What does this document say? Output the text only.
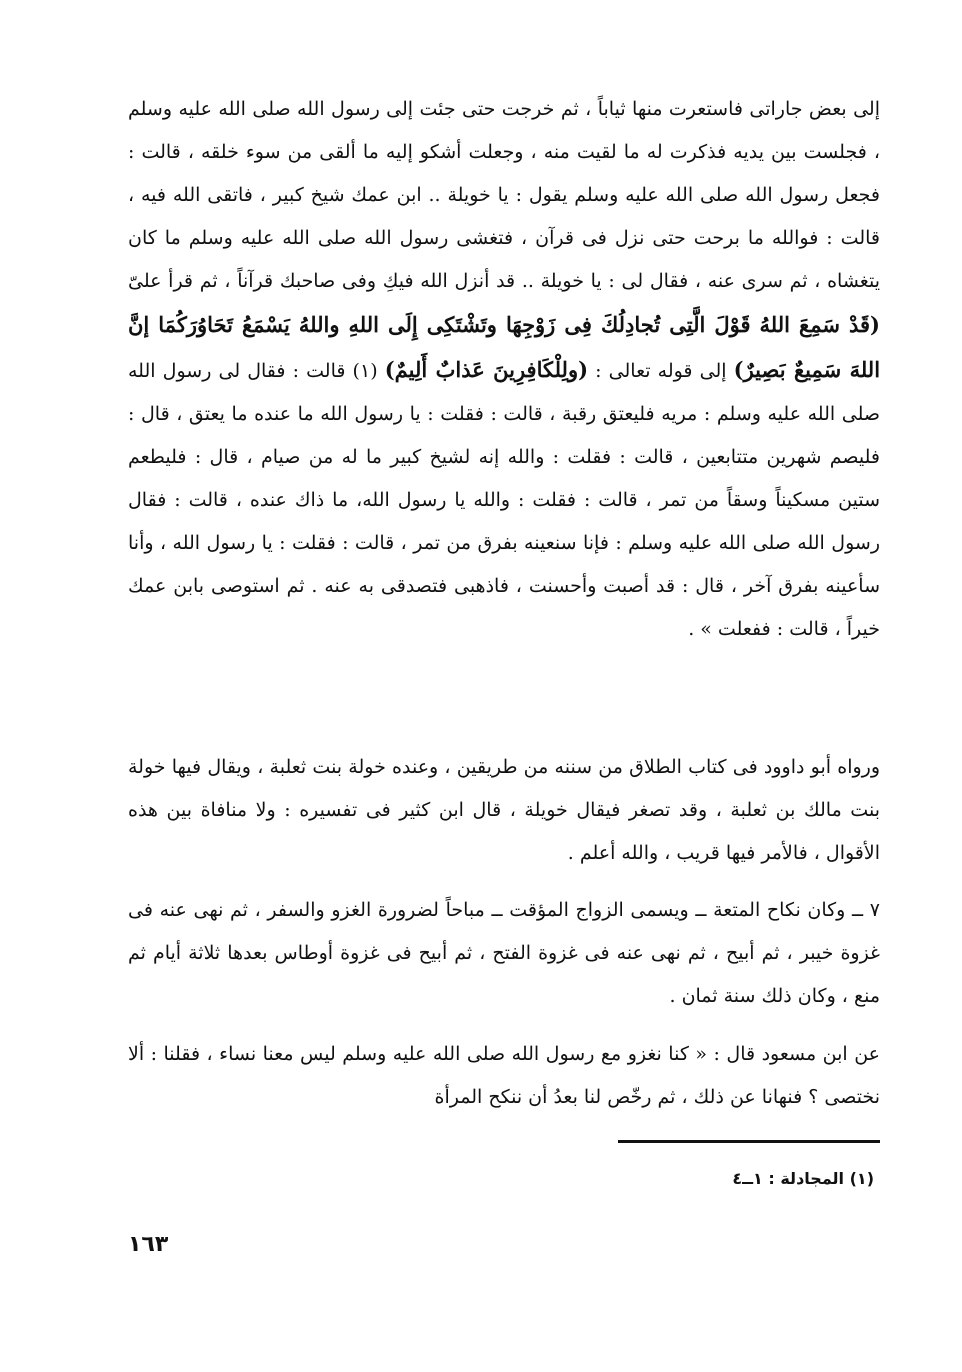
إلى بعض جاراتى فاستعرت منها ثياباً ، ثم خرجت حتى جئت إلى رسول الله صلى الله عليه وسلم ، فجلست بين يديه فذكرت له ما لقيت منه ، وجعلت أشكو إليه ما ألقى من سوء خلقه ، قالت : فجعل رسول الله صلى الله عليه وسلم يقول : يا خويلة .. ابن عمك شيخ كبير ، فاتقى الله فيه ، قالت : فوالله ما برحت حتى نزل فى قرآن ، فتغشى رسول الله صلى الله عليه وسلم ما كان يتغشاه ، ثم سرى عنه ، فقال لى : يا خويلة .. قد أنزل الله فيكِ وفى صاحبك قرآناً ، ثم قرأ علىّ (قَدْ سَمِعَ اللهُ قَوْلَ الَّتِى تُجادِلُكَ فِى زَوْجِهَا وتَشْتَكِى إِلَى اللهِ واللهُ يَسْمَعُ تَحَاوُرَكُمَا إنَّ اللهَ سَمِيعٌ بَصِيرٌ) إلى قوله تعالى : (ولِلْكَافِرِينَ عَذابٌ أَلِيمٌ) (١) قالت : فقال لى رسول الله صلى الله عليه وسلم : مريه فليعتق رقبة ، قالت : فقلت : يا رسول الله ما عنده ما يعتق ، قال : فليصم شهرين متتابعين ، قالت : فقلت : والله إنه لشيخ كبير ما له من صيام ، قال : فليطعم ستين مسكيناً وسقاً من تمر ، قالت : فقلت : والله يا رسول الله، ما ذاك عنده ، قالت : فقال رسول الله صلى الله عليه وسلم : فإنا سنعينه بفرق من تمر ، قالت : فقلت : يا رسول الله ، وأنا سأعينه بفرق آخر ، قال : قد أصبت وأحسنت ، فاذهبى فتصدقى به عنه . ثم استوصى بابن عمك خيراً ، قالت : ففعلت » .
ورواه أبو داوود فى كتاب الطلاق من سننه من طريقين ، وعنده خولة بنت ثعلبة ، ويقال فيها خولة بنت مالك بن ثعلبة ، وقد تصغر فيقال خويلة ، قال ابن كثير فى تفسيره : ولا منافاة بين هذه الأقوال ، فالأمر فيها قريب ، والله أعلم .
٧ ــ وكان نكاح المتعة ــ ويسمى الزواج المؤقت ــ مباحاً لضرورة الغزو والسفر ، ثم نهى عنه فى غزوة خيبر ، ثم أبيح ، ثم نهى عنه فى غزوة الفتح ، ثم أبيح فى غزوة أوطاس بعدها ثلاثة أيام ثم منع ، وكان ذلك سنة ثمان .
عن ابن مسعود قال : « كنا نغزو مع رسول الله صلى الله عليه وسلم ليس معنا نساء ، فقلنا : ألا نختصى ؟ فنهانا عن ذلك ، ثم رخّص لنا بعدُ أن ننكح المرأة
(١) المجادلة : ١ــ٤
١٦٣
